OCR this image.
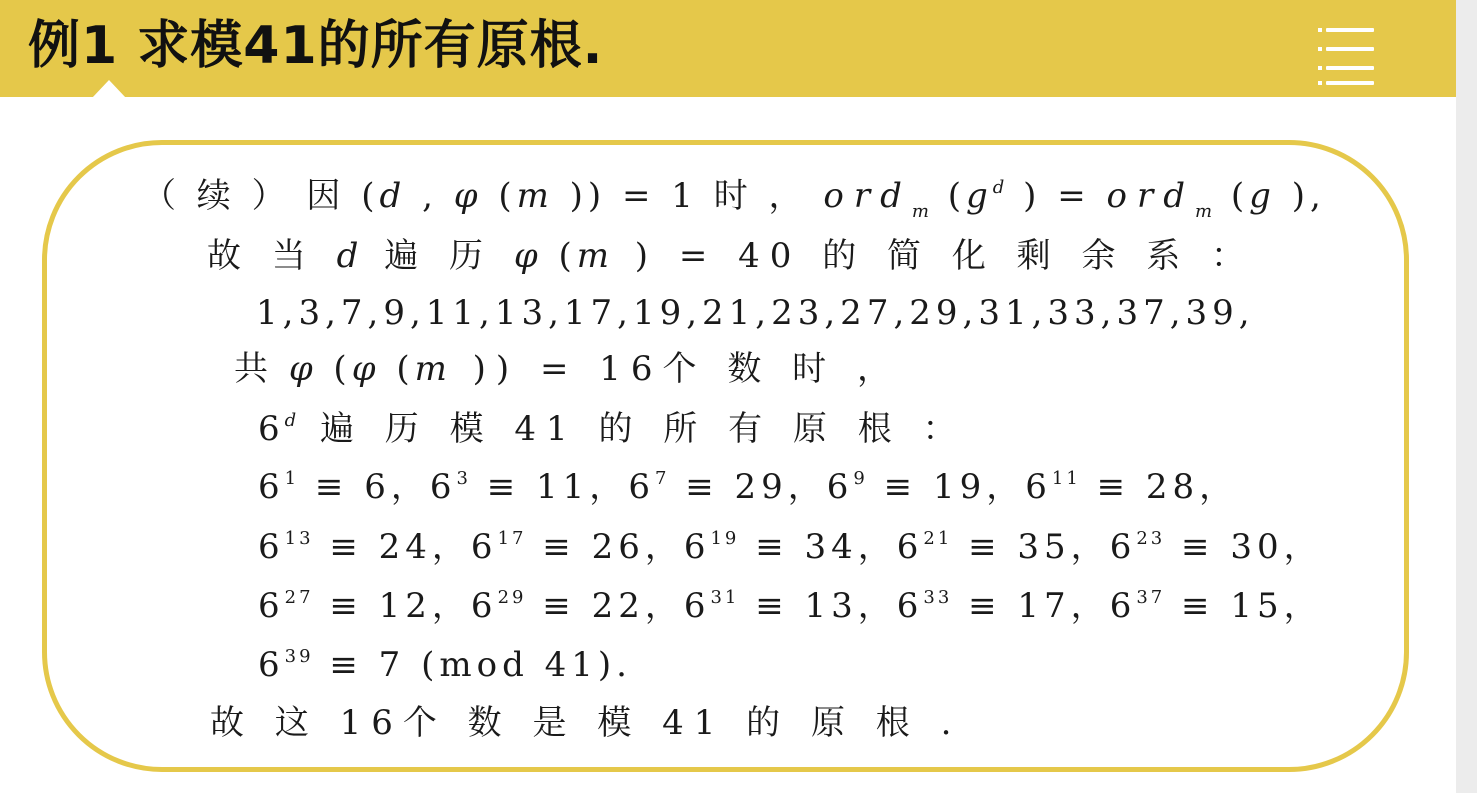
例1 求模41的所有原根.
（ 续 ） 因 (d , φ (m )) = 1 时 ， ord$_m$ ($g^d$ ) = ord$_m$ (g ),
故 当 d 遍 历 φ (m ) = 40 的 简 化 剩 余 系 ：
1,3,7,9,11,13,17,19,21,23,27,29,31,33,37,39,
共 φ (φ (m )) = 16个 数 时 ，
6$^d$ 遍 历 模 41 的 所 有 原 根 ：
$6^1 \equiv 6$，$6^3 \equiv 11$，$6^7 \equiv 29$，$6^9 \equiv 19$，$6^{11} \equiv 28$，
$6^{13} \equiv 24$，$6^{17} \equiv 26$，$6^{19} \equiv 34$，$6^{21} \equiv 35$，$6^{23} \equiv 30$，
$6^{27} \equiv 12$，$6^{29} \equiv 22$，$6^{31} \equiv 13$，$6^{33} \equiv 17$，$6^{37} \equiv 15$，
$6^{39} \equiv 7$ (mod 41).
故 这 16个 数 是 模 41 的 原 根 .
